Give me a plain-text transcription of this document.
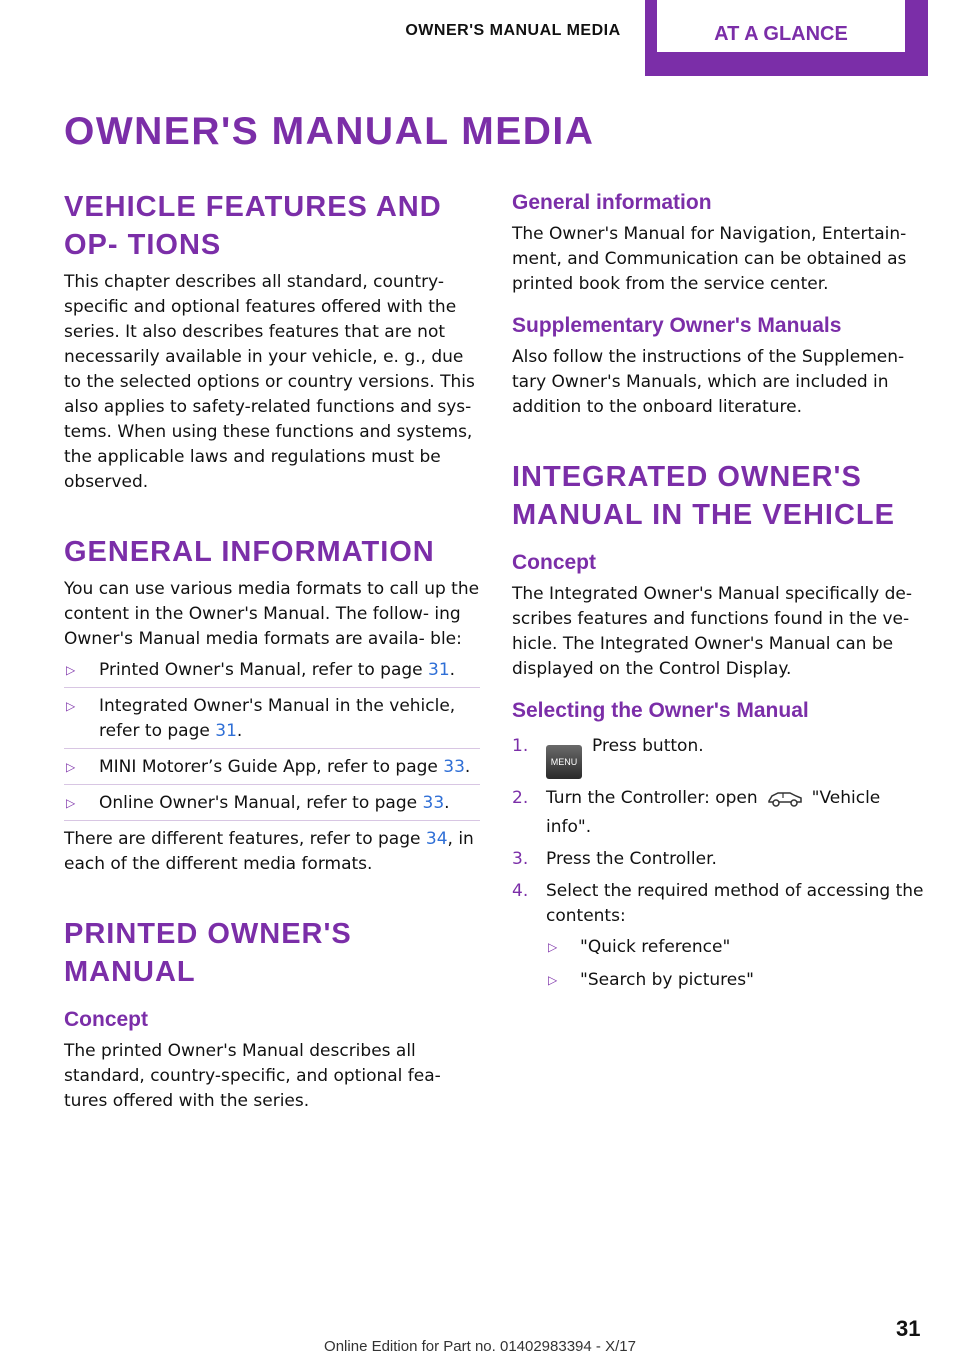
OWNER'S MANUAL MEDIA	AT A GLANCE
OWNER'S MANUAL MEDIA
VEHICLE FEATURES AND OP‐ TIONS

This chapter describes all standard, country-specific and optional features offered with the series. It also describes features that are not necessarily available in your vehicle, e. g., due to the selected options or country versions. This also applies to safety-related functions and sys‐ tems. When using these functions and systems, the applicable laws and regulations must be observed.

GENERAL INFORMATION

You can use various media formats to call up the content in the Owner's Manual. The follow‐ ing Owner's Manual media formats are availa‐ ble:

▷ Printed Owner's Manual, refer to page 31.
▷ Integrated Owner's Manual in the vehicle, refer to page 31.
▷ MINI Motorer’s Guide App, refer to page 33.
▷ Online Owner's Manual, refer to page 33.

There are different features, refer to page 34, in each of the different media formats.

PRINTED OWNER'S MANUAL
Concept

The printed Owner's Manual describes all standard, country-specific, and optional fea‐ tures offered with the series.

General information

The Owner's Manual for Navigation, Entertain‐ ment, and Communication can be obtained as printed book from the service center.

Supplementary Owner's Manuals

Also follow the instructions of the Supplemen‐ tary Owner's Manuals, which are included in addition to the onboard literature.

INTEGRATED OWNER'S MANUAL IN THE VEHICLE
Concept

The Integrated Owner's Manual specifically de‐ scribes features and functions found in the ve‐ hicle. The Integrated Owner's Manual can be displayed on the Control Display.

Selecting the Owner's Manual
1.
MENUPress button.
2. Turn the Controller: open	"Vehicle info".
3. Press the Controller.
4. Select the required method of accessing the contents:
▷ "Quick reference"
▷ "Search by pictures"
31
Online Edition for Part no. 01402983394 - X/17
